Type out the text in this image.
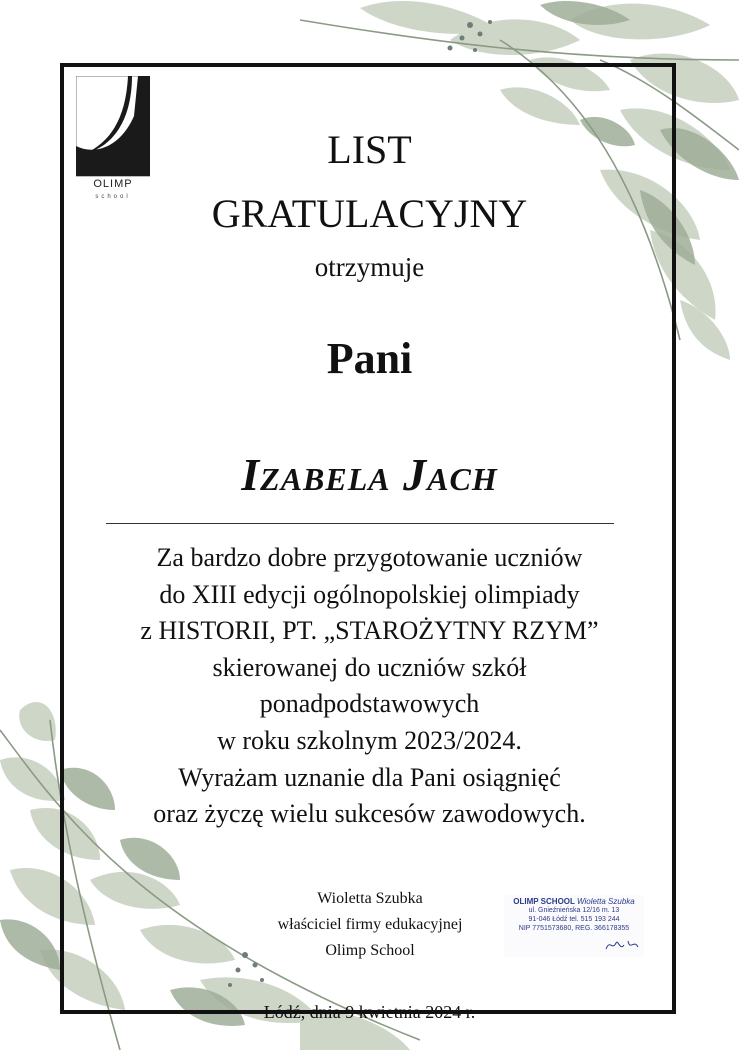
OLIMP
school
LIST
GRATULACYJNY
otrzymuje
Pani
Izabela Jach
Za bardzo dobre przygotowanie uczniów
do XIII edycji ogólnopolskiej olimpiady
z HISTORII, PT. „STAROŻYTNY RZYM”
skierowanej do uczniów szkół
ponadpodstawowych
w roku szkolnym 2023/2024.
Wyrażam uznanie dla Pani osiągnięć
oraz życzę wielu sukcesów zawodowych.
Wioletta Szubka
właściciel firmy edukacyjnej
Olimp School
OLIMP SCHOOL Wioletta Szubka
ul. Gnieźnieńska 12/16 m. 13
91-046 Łódź tel. 515 193 244
NIP 7751573680, REG. 366178355
Łódź, dnia 9 kwietnia 2024 r.
